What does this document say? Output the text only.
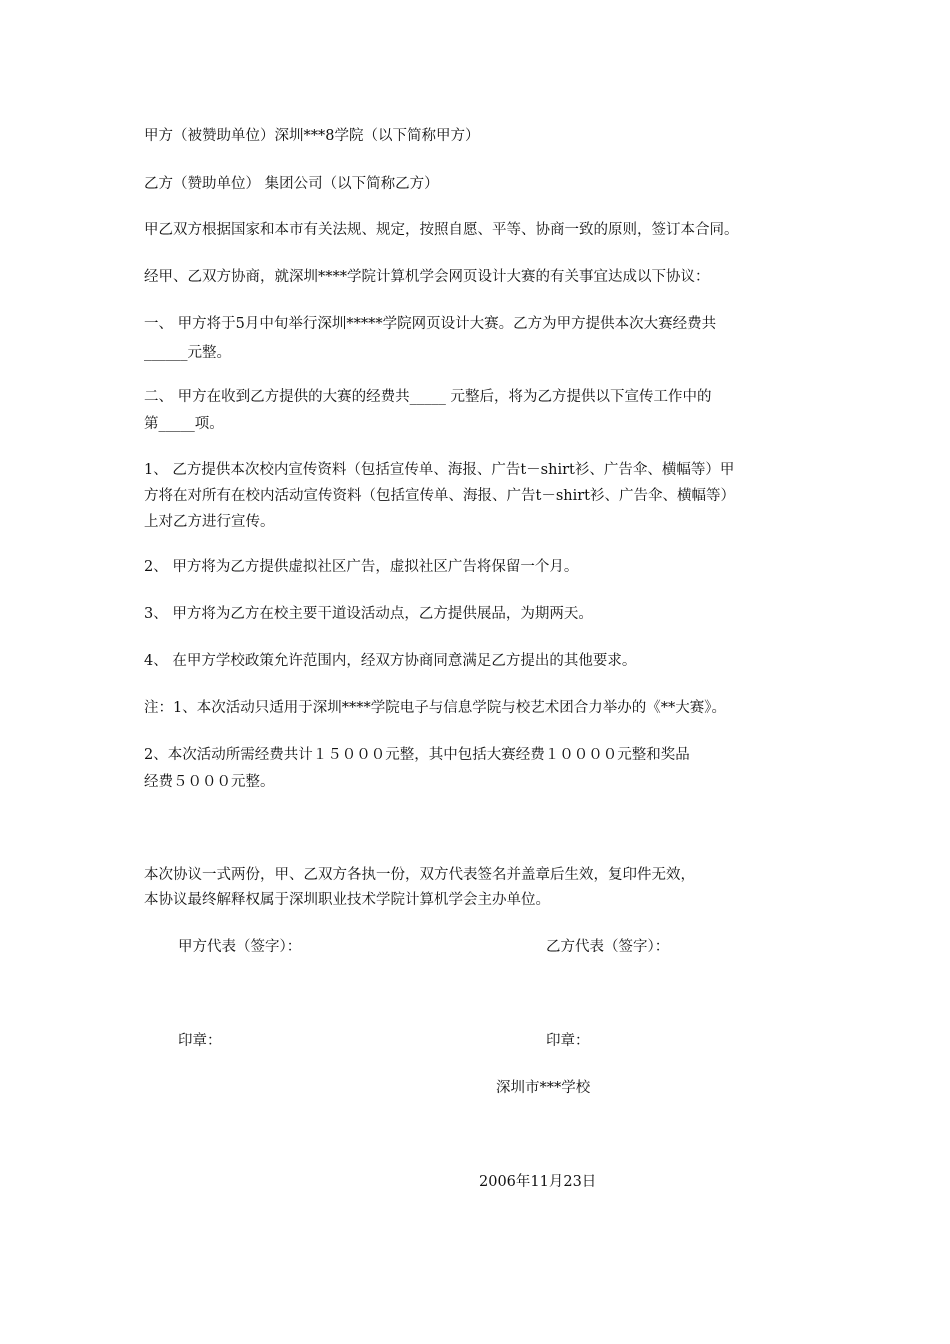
甲方（被赞助单位）深圳***8学院（以下简称甲方）

乙方（赞助单位） 集团公司（以下简称乙方）

甲乙双方根据国家和本市有关法规、规定，按照自愿、平等、协商一致的原则，签订本合同。

经甲、乙双方协商，就深圳****学院计算机学会网页设计大赛的有关事宜达成以下协议：

一、 甲方将于5月中旬举行深圳*****学院网页设计大赛。乙方为甲方提供本次大赛经费共

______元整。

二、 甲方在收到乙方提供的大赛的经费共_____ 元整后，将为乙方提供以下宣传工作中的

第_____项。

1、 乙方提供本次校内宣传资料（包括宣传单、海报、广告t－shirt衫、广告伞、横幅等）甲

方将在对所有在校内活动宣传资料（包括宣传单、海报、广告t－shirt衫、广告伞、横幅等）

上对乙方进行宣传。

2、 甲方将为乙方提供虚拟社区广告，虚拟社区广告将保留一个月。

3、 甲方将为乙方在校主要干道设活动点，乙方提供展品，为期两天。

4、 在甲方学校政策允许范围内，经双方协商同意满足乙方提出的其他要求。

注：1、本次活动只适用于深圳****学院电子与信息学院与校艺术团合力举办的《**大赛》。

2、本次活动所需经费共计１５０００元整，其中包括大赛经费１００００元整和奖品

经费５０００元整。

本次协议一式两份，甲、乙双方各执一份，双方代表签名并盖章后生效，复印件无效，

本协议最终解释权属于深圳职业技术学院计算机学会主办单位。

甲方代表（签字）：	乙方代表（签字）：

印章：	印章：

深圳市***学校

2006年11月23日
